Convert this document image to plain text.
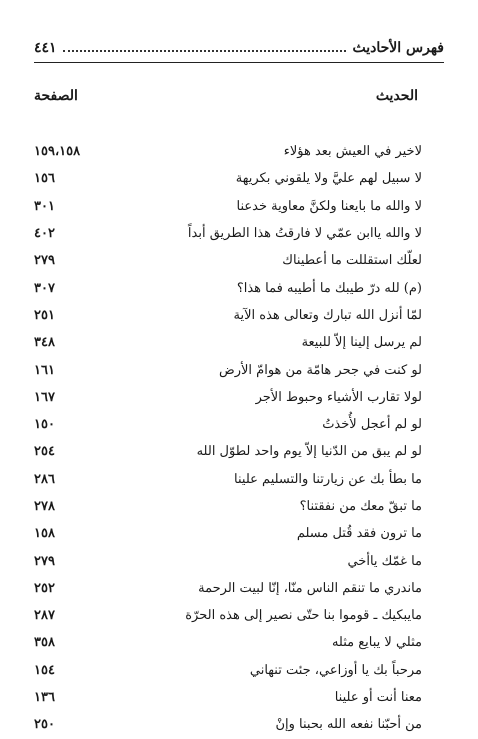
فهرس الأحاديث
٤٤١
الحديث
الصفحة
لاخير في العيش بعد هؤلاء
١٥٩،١٥٨
لا سبيل لهم عليَّ ولا يلقوني بكريهة
١٥٦
لا والله ما بايعنا ولكنَّ معاوية خدعنا
٣٠١
لا والله ياابن عمّي لا فارقتُ هذا الطريق أبداً
٤٠٢
لعلّك استقللت ما أعطيناك
٢٧٩
(م) لله درّ طيبك ما أطيبه فما هذا؟
٣٠٧
لمّا أنزل الله تبارك وتعالى هذه الآية
٢٥١
لم يرسل إلينا إلاّ للبيعة
٣٤٨
لو كنت في جحر هامّة من هوامّ الأرض
١٦١
لولا تقارب الأشياء وحبوط الأجر
١٦٧
لو لم أعجل لأُخذتُ
١٥٠
لو لم يبق من الدّنيا إلاّ يوم واحد لطوّل الله
٢٥٤
ما بطأ بك عن زيارتنا والتسليم علينا
٢٨٦
ما تبقّ معك من نفقتنا؟
٢٧٨
ما ترون فقد قُتل مسلم
١٥٨
ما غمّك ياأخي
٢٧٩
ماندري ما تنقم الناس منّا، إنّا لبيت الرحمة
٢٥٢
مايبكيك ـ قوموا بنا حتّى نصير إلى هذه الحرّة
٢٨٧
مثلي لا يبايع مثله
٣٥٨
مرحباً بك يا أوزاعي، جئت تنهاني
١٥٤
معنا أنت أو علينا
١٣٦
من أحبّنا نفعه الله بحبنا وإنْ
٢٥٠
